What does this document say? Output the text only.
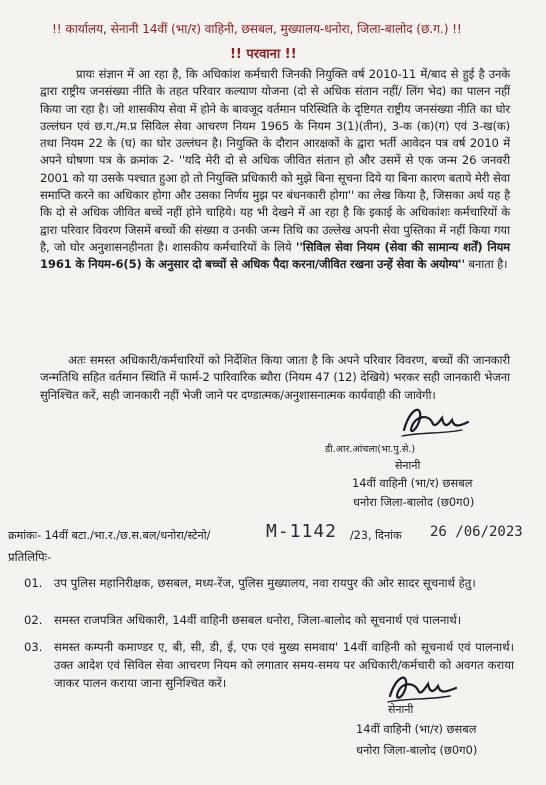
!! कार्यालय, सेनानी 14वीं (भा/र) वाहिनी, छसबल, मुख्यालय-धनोरा, जिला-बालोद (छ.ग.) !!
!! परवाना !!
प्रायः संज्ञान में आ रहा है, कि अधिकांश कर्मचारी जिनकी नियुक्ति वर्ष 2010-11 में/बाद से हुई है उनके द्वारा राष्ट्रीय जनसंख्या नीति के तहत परिवार कल्याण योजना (दो से अधिक संतान नहीं/ लिंग भेद) का पालन नहीं किया जा रहा है। जो शासकीय सेवा में होने के बावजूद वर्तमान परिस्थिति के दृष्टिगत राष्ट्रीय जनसंख्या नीति का घोर उल्लंघन एवं छ.ग./म.प्र सिविल सेवा आचरण नियम 1965 के नियम 3(1)(तीन), 3-क (क)(ग) एवं 3-ख(क) तथा नियम 22 के (घ) का घोर उल्लंघन है। नियुक्ति के दौरान आरक्षकों के द्वारा भर्ती आवेदन पत्र वर्ष 2010 में अपने घोषणा पत्र के क्रमांक 2- ''यदि मेरी दो से अधिक जीवित संतान हो और उसमें से एक जन्म 26 जनवरी 2001 को या उसके पश्चात हुआ हो तो नियुक्ति प्रधिकारी को मुझे बिना सूचना दिये या बिना कारण बताये मेरी सेवा समाप्ति करने का अधिकार होगा और उसका निर्णय मुझ पर बंधनकारी होगा'' का लेख किया है, जिसका अर्थ यह है कि दो से अधिक जीवित बच्चें नहीं होने चाहिये। यह भी देखने में आ रहा है कि इकाई के अधिकांशः कर्मचारियों के द्वारा परिवार विवरण जिसमें बच्चों की संख्या व उनकी जन्म तिथि का उल्लेख अपनी सेवा पुस्तिका में नहीं किया गया है, जो घोर अनुशासनहीनता है। शासकीय कर्मचारियों के लिये ''सिविल सेवा नियम (सेवा की सामान्य शर्तें) नियम 1961 के नियम-6(5) के अनुसार दो बच्चों से अधिक पैदा करना/जीवित रखना उन्हें सेवा के अयोग्य'' बनाता है।
अतः समस्त अधिकारी/कर्मचारियों को निर्देशित किया जाता है कि अपने परिवार विवरण, बच्चों की जानकारी जन्मतिथि सहित वर्तमान स्थिति में फार्म-2 पारिवारिक ब्यौरा (नियम 47 (12) देखिये) भरकर सही जानकारी भेजना सुनिश्चित करें, सही जानकारी नहीं भेजी जाने पर दण्डात्मक/अनुशासनात्मक कार्यवाही की जावेगी।
डी.आर.आंचला(भा.पु.से.)
सेनानी
14वीं वाहिनी (भा/र) छसबल
धनोरा जिला-बालोद (छ0ग0)
क्रमांकः- 14वीं बटा./भा.र./छ.स.बल/धनोरा/स्टेनो/	M-1142 /23, दिनांक 26 /06/2023
प्रतिलिपिः-
01. उप पुलिस महानिरीक्षक, छसबल, मध्य-रेंज, पुलिस मुख्यालय, नवा रायपुर की ओर सादर सूचनार्थ हेतु।
02. समस्त राजपत्रित अधिकारी, 14वीं वाहिनी छसबल धनोरा, जिला-बालोद को सूचनार्थ एवं पालनार्थ।
03. समस्त कम्पनी कमाण्डर ए, बी, सी, डी, ई, एफ एवं मुख्य समवाय' 14वीं वाहिनी को सूचनार्थ एवं पालनार्थ। उक्त आदेश एवं सिविल सेवा आचरण नियम को लगातार समय-समय पर अधिकारी/कर्मचारी को अवगत कराया जाकर पालन कराया जाना सुनिश्चित करें।
सेनानी
14वीं वाहिनी (भा/र) छसबल
धनोरा जिला-बालोद (छ0ग0)
